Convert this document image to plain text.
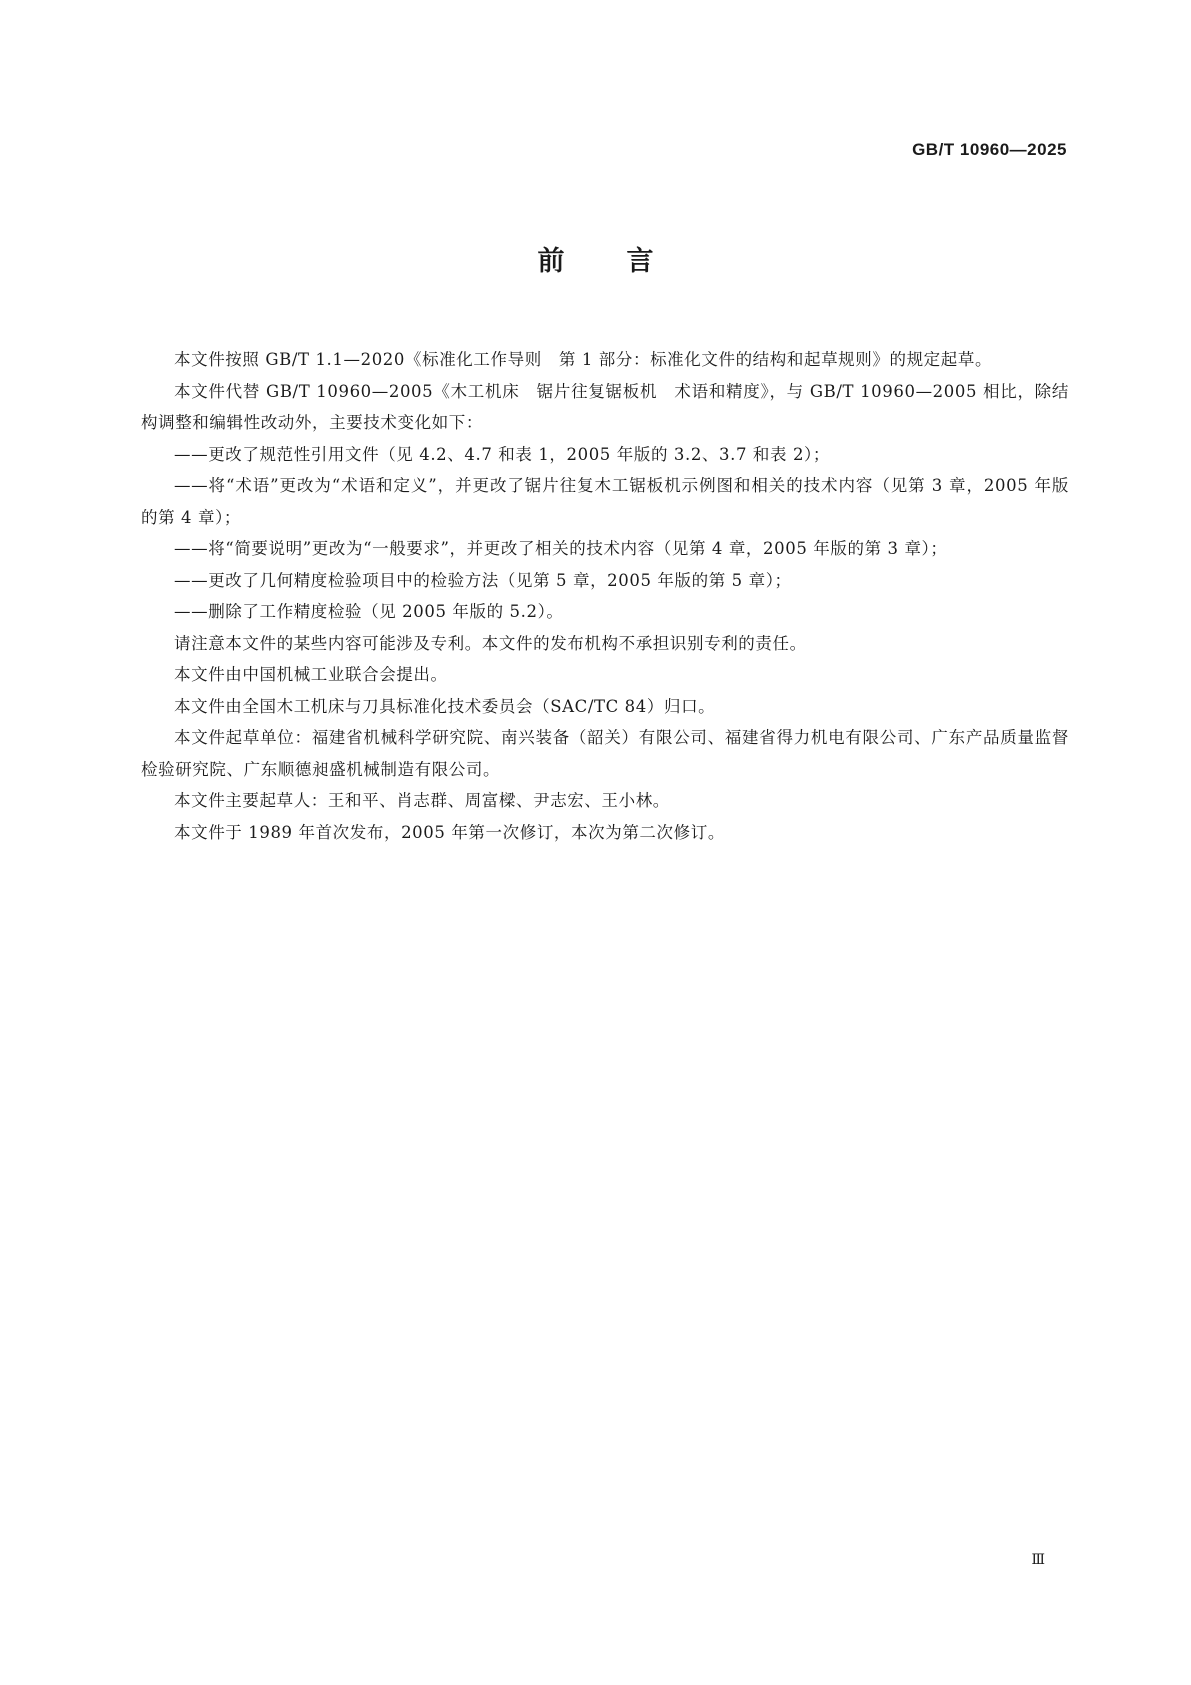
GB/T 10960—2025
前言

本文件按照 GB/T 1.1—2020《标准化工作导则　第 1 部分：标准化文件的结构和起草规则》的规定起草。

本文件代替 GB/T 10960—2005《木工机床　锯片往复锯板机　术语和精度》，与 GB/T 10960—2005 相比，除结构调整和编辑性改动外，主要技术变化如下：

——更改了规范性引用文件（见 4.2、4.7 和表 1，2005 年版的 3.2、3.7 和表 2）；

——将“术语”更改为“术语和定义”，并更改了锯片往复木工锯板机示例图和相关的技术内容（见第 3 章，2005 年版的第 4 章）；

——将“简要说明”更改为“一般要求”，并更改了相关的技术内容（见第 4 章，2005 年版的第 3 章）；

——更改了几何精度检验项目中的检验方法（见第 5 章，2005 年版的第 5 章）；

——删除了工作精度检验（见 2005 年版的 5.2）。

请注意本文件的某些内容可能涉及专利。本文件的发布机构不承担识别专利的责任。

本文件由中国机械工业联合会提出。

本文件由全国木工机床与刀具标准化技术委员会（SAC/TC 84）归口。

本文件起草单位：福建省机械科学研究院、南兴装备（韶关）有限公司、福建省得力机电有限公司、广东产品质量监督检验研究院、广东顺德昶盛机械制造有限公司。

本文件主要起草人：王和平、肖志群、周富樑、尹志宏、王小林。

本文件于 1989 年首次发布，2005 年第一次修订，本次为第二次修订。

Ⅲ
